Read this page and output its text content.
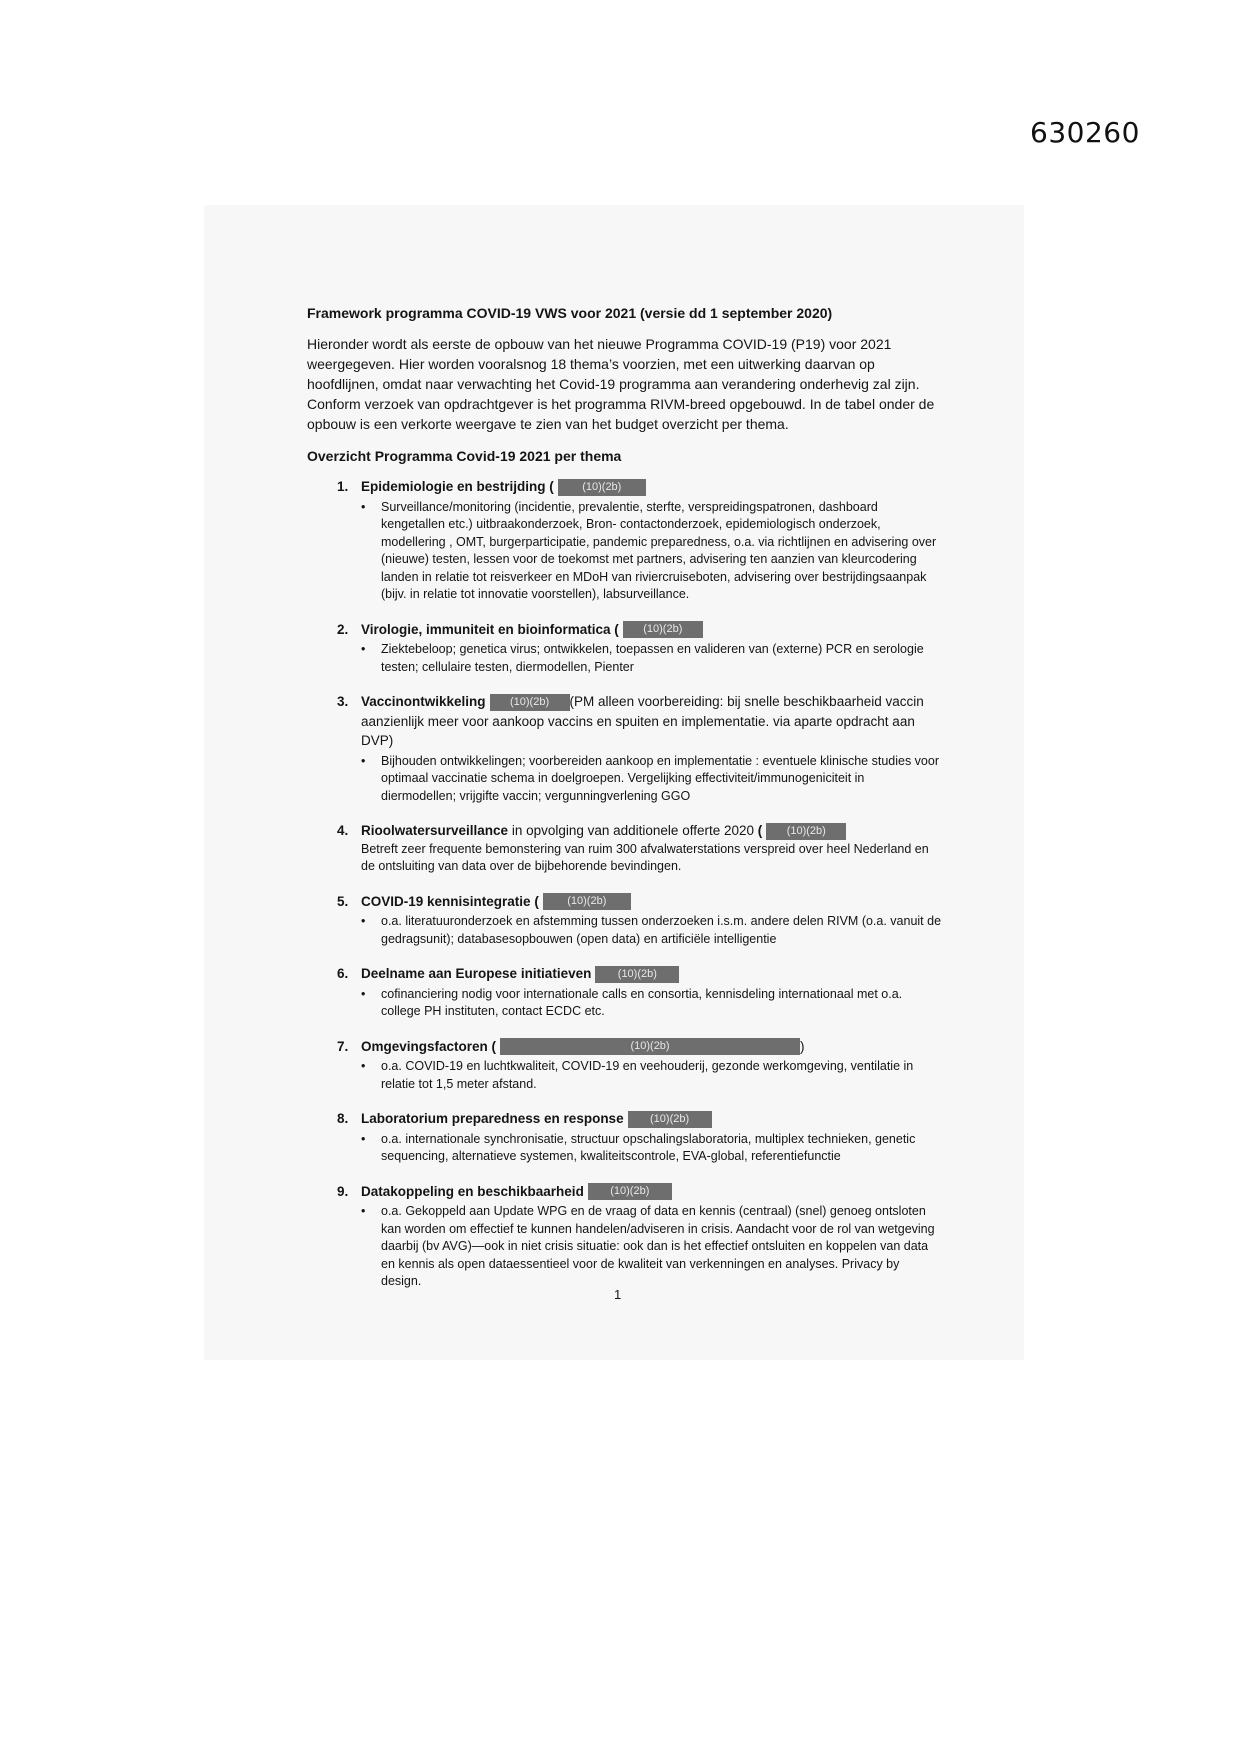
630260
Framework programma COVID-19 VWS voor 2021 (versie dd 1 september 2020)
Hieronder wordt als eerste de opbouw van het nieuwe Programma COVID-19 (P19) voor 2021 weergegeven. Hier worden vooralsnog 18 thema’s voorzien, met een uitwerking daarvan op hoofdlijnen, omdat naar verwachting het Covid-19 programma aan verandering onderhevig zal zijn. Conform verzoek van opdrachtgever is het programma RIVM-breed opgebouwd. In de tabel onder de opbouw is een verkorte weergave te zien van het budget overzicht per thema.
Overzicht Programma Covid-19 2021 per thema
1. Epidemiologie en bestrijding (	(10)(2b)
• Surveillance/monitoring (incidentie, prevalentie, sterfte, verspreidingspatronen, dashboard kengetallen etc.) uitbraakonderzoek, Bron- contactonderzoek, epidemiologisch onderzoek, modellering , OMT, burgerparticipatie, pandemic preparedness, o.a. via richtlijnen en advisering over (nieuwe) testen, lessen voor de toekomst met partners, advisering ten aanzien van kleurcodering landen in relatie tot reisverkeer en MDoH van riviercruiseboten, advisering over bestrijdingsaanpak (bijv. in relatie tot innovatie voorstellen), labsurveillance.
2. Virologie, immuniteit en bioinformatica ( (10)(2b)
• Ziektebeloop; genetica virus; ontwikkelen, toepassen en valideren van (externe) PCR en serologie testen; cellulaire testen, diermodellen, Pienter
3. Vaccinontwikkeling (10)(2b) (PM alleen voorbereiding: bij snelle beschikbaarheid vaccin aanzienlijk meer voor aankoop vaccins en spuiten en implementatie. via aparte opdracht aan DVP)
• Bijhouden ontwikkelingen; voorbereiden aankoop en implementatie : eventuele klinische studies voor optimaal vaccinatie schema in doelgroepen. Vergelijking effectiviteit/immunogeniciteit in diermodellen; vrijgifte vaccin; vergunningverlening GGO
4. Rioolwatersurveillance in opvolging van additionele offerte 2020 ( (10)(2b)
Betreft zeer frequente bemonstering van ruim 300 afvalwaterstations verspreid over heel Nederland en de ontsluiting van data over de bijbehorende bevindingen.
5. COVID-19 kennisintegratie (	(10)(2b)
• o.a. literatuuronderzoek en afstemming tussen onderzoeken i.s.m. andere delen RIVM (o.a. vanuit de gedragsunit); databasesopbouwen (open data) en artificiële intelligentie
6. Deelname aan Europese initiatieven (10)(2b)
• cofinanciering nodig voor internationale calls en consortia, kennisdeling internationaal met o.a. college PH instituten, contact ECDC etc.
7. Omgevingsfactoren (	(10)(2b)	)
• o.a. COVID-19 en luchtkwaliteit, COVID-19 en veehouderij, gezonde werkomgeving, ventilatie in relatie tot 1,5 meter afstand.
8. Laboratorium preparedness en response (10)(2b)
• o.a. internationale synchronisatie, structuur opschalingslaboratoria, multiplex technieken, genetic sequencing, alternatieve systemen, kwaliteitscontrole, EVA-global, referentiefunctie
9. Datakoppeling en beschikbaarheid (10)(2b)
• o.a. Gekoppeld aan Update WPG en de vraag of data en kennis (centraal) (snel) genoeg ontsloten kan worden om effectief te kunnen handelen/adviseren in crisis. Aandacht voor de rol van wetgeving daarbij (bv AVG)—ook in niet crisis situatie: ook dan is het effectief ontsluiten en koppelen van data en kennis als open dataessentieel voor de kwaliteit van verkenningen en analyses. Privacy by design.
1
